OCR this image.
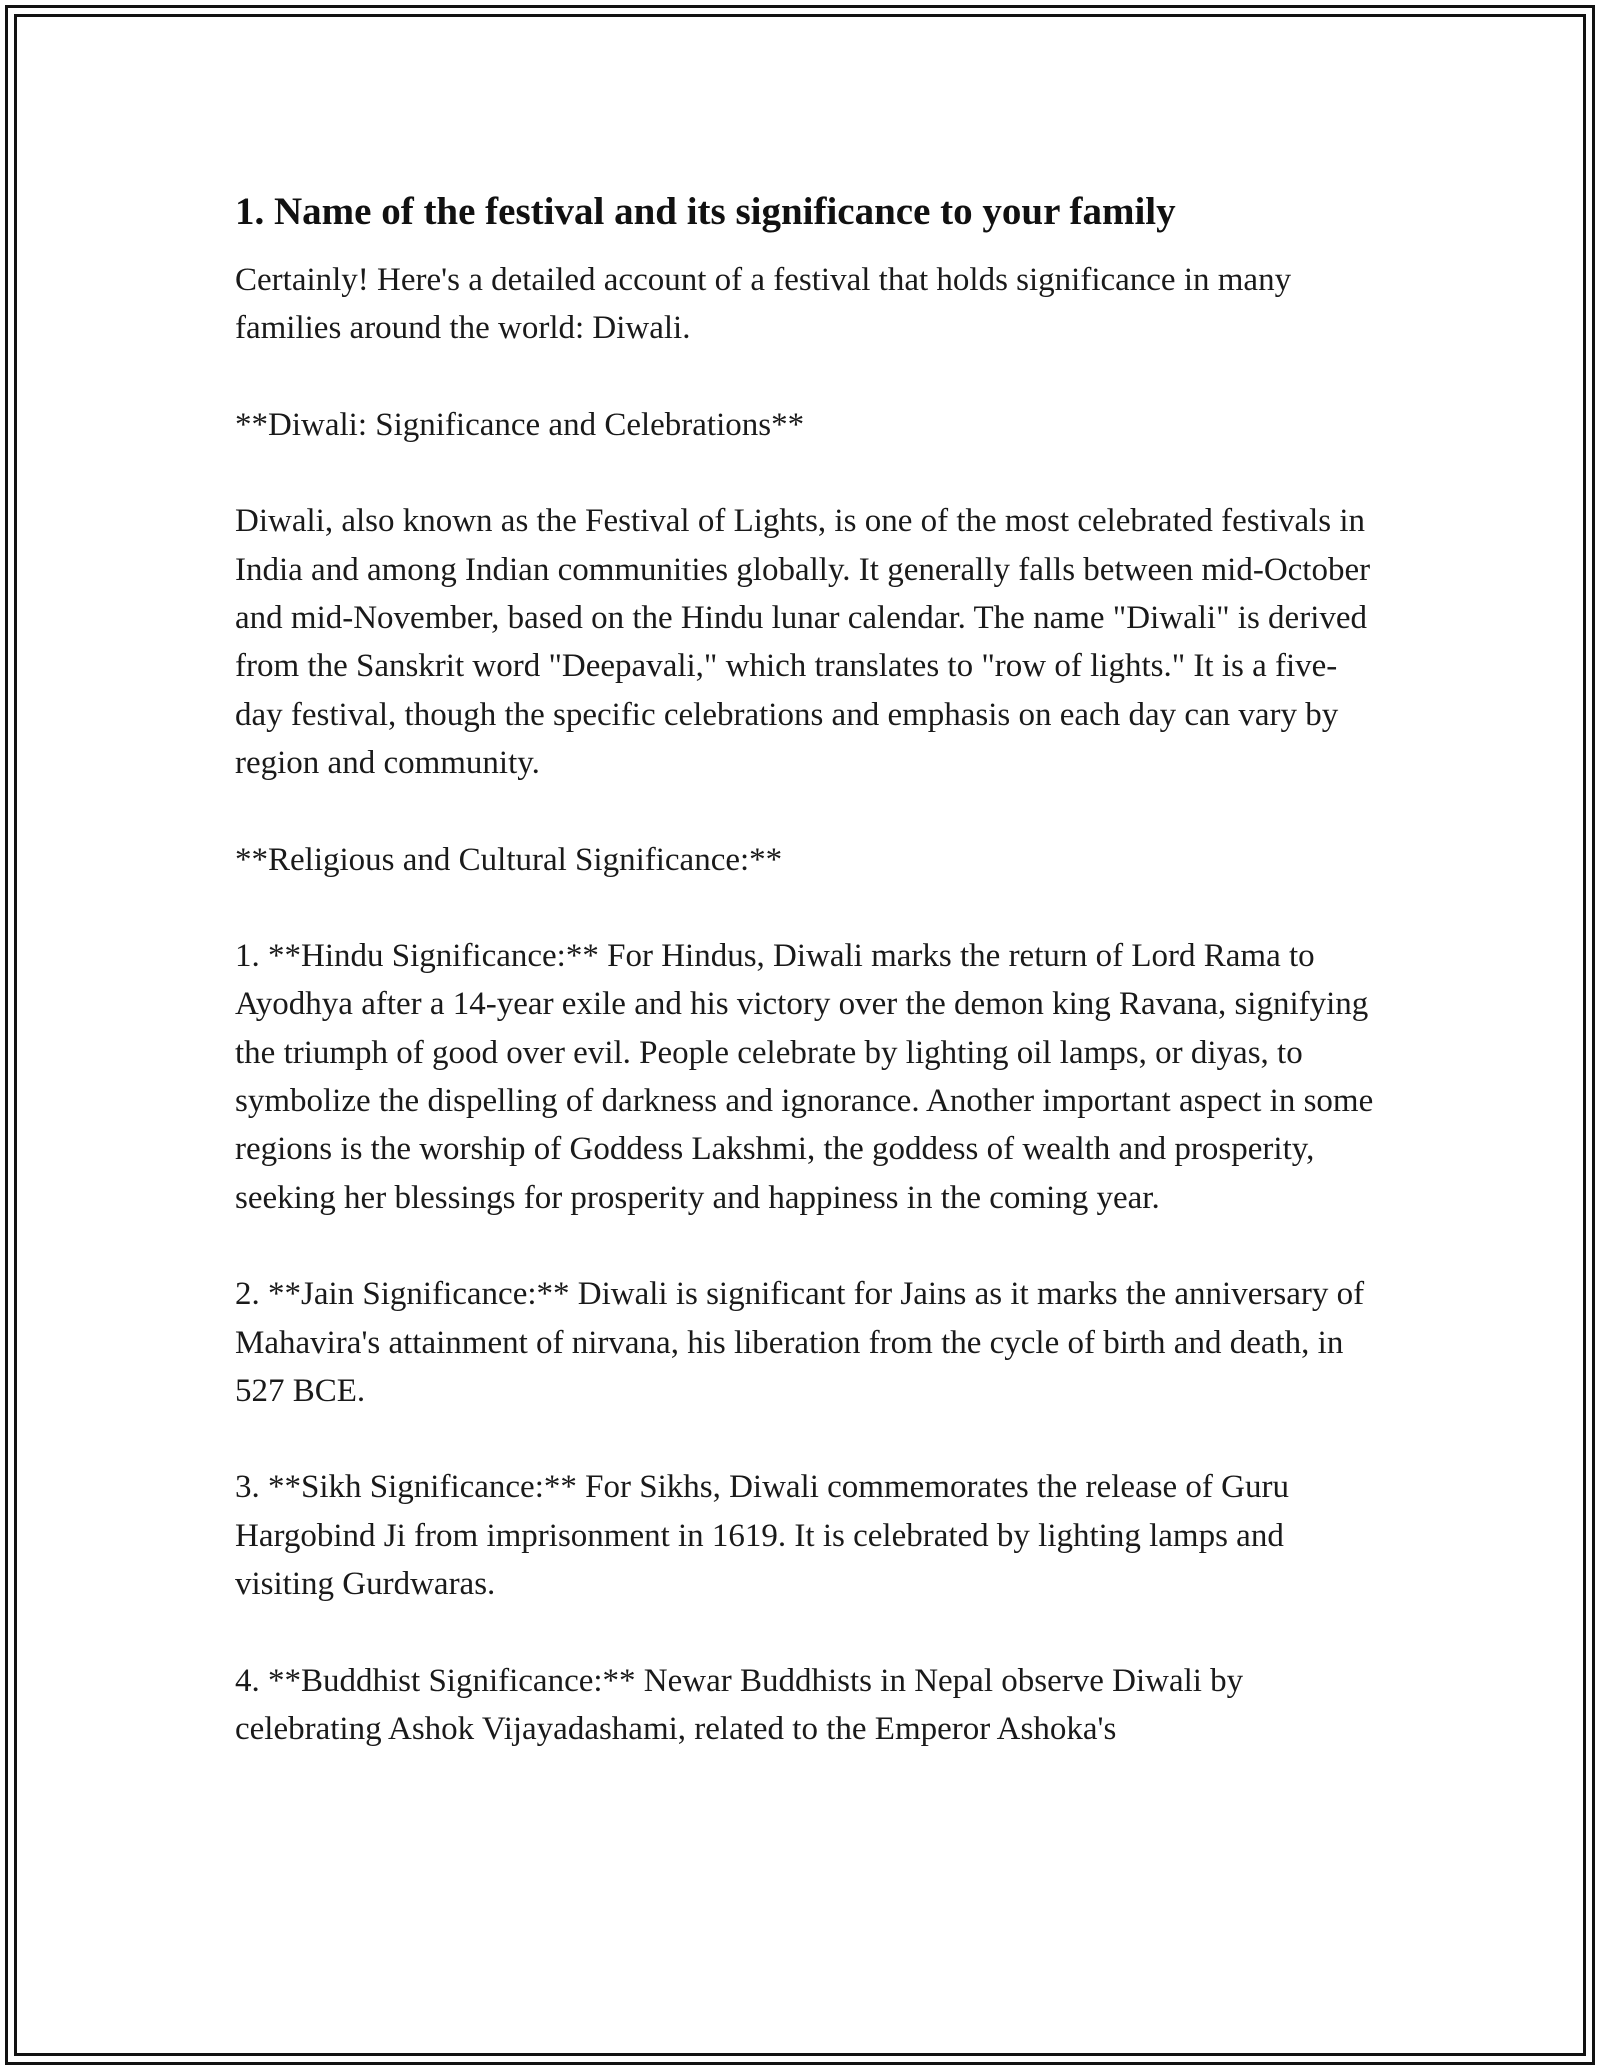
1. Name of the festival and its significance to your family

Certainly! Here's a detailed account of a festival that holds significance in many families around the world: Diwali.

**Diwali: Significance and Celebrations**

Diwali, also known as the Festival of Lights, is one of the most celebrated festivals in India and among Indian communities globally. It generally falls between mid-October and mid-November, based on the Hindu lunar calendar. The name "Diwali" is derived from the Sanskrit word "Deepavali," which translates to "row of lights." It is a five-day festival, though the specific celebrations and emphasis on each day can vary by region and community.

**Religious and Cultural Significance:**

1. **Hindu Significance:** For Hindus, Diwali marks the return of Lord Rama to Ayodhya after a 14-year exile and his victory over the demon king Ravana, signifying the triumph of good over evil. People celebrate by lighting oil lamps, or diyas, to symbolize the dispelling of darkness and ignorance. Another important aspect in some regions is the worship of Goddess Lakshmi, the goddess of wealth and prosperity, seeking her blessings for prosperity and happiness in the coming year.

2. **Jain Significance:** Diwali is significant for Jains as it marks the anniversary of Mahavira's attainment of nirvana, his liberation from the cycle of birth and death, in 527 BCE.

3. **Sikh Significance:** For Sikhs, Diwali commemorates the release of Guru Hargobind Ji from imprisonment in 1619. It is celebrated by lighting lamps and visiting Gurdwaras.

4. **Buddhist Significance:** Newar Buddhists in Nepal observe Diwali by celebrating Ashok Vijayadashami, related to the Emperor Ashoka's
